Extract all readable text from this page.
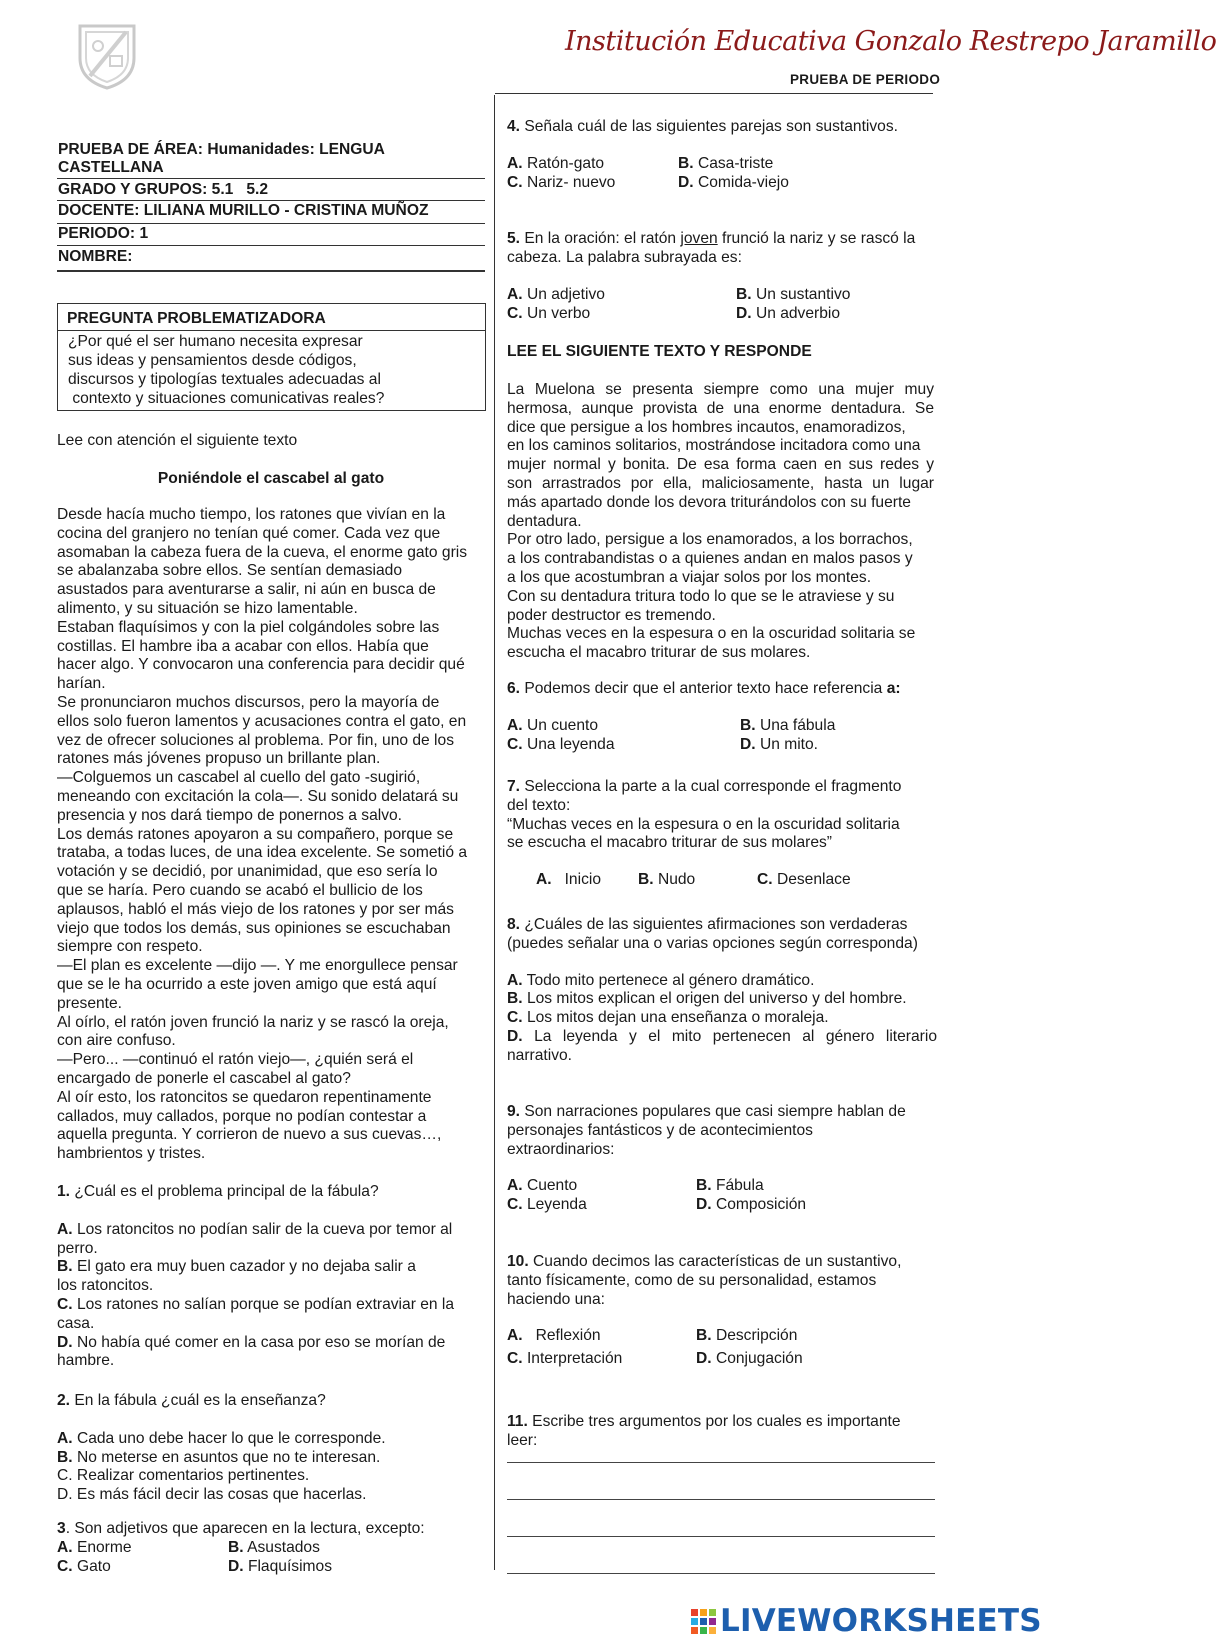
Institución Educativa Gonzalo Restrepo Jaramillo
PRUEBA DE PERIODO
PRUEBA DE ÁREA: Humanidades: LENGUA
CASTELLANA
GRADO Y GRUPOS: 5.1   5.2
DOCENTE: LILIANA MURILLO - CRISTINA MUÑOZ
PERIODO: 1
NOMBRE:
PREGUNTA PROBLEMATIZADORA
¿Por qué el ser humano necesita expresar
sus ideas y pensamientos desde códigos,
discursos y tipologías textuales adecuadas al
contexto y situaciones comunicativas reales?
Lee con atención el siguiente texto
Poniéndole el cascabel al gato
Desde hacía mucho tiempo, los ratones que vivían en la
cocina del granjero no tenían qué comer. Cada vez que
asomaban la cabeza fuera de la cueva, el enorme gato gris
se abalanzaba sobre ellos. Se sentían demasiado
asustados para aventurarse a salir, ni aún en busca de
alimento, y su situación se hizo lamentable.
Estaban flaquísimos y con la piel colgándoles sobre las
costillas. El hambre iba a acabar con ellos. Había que
hacer algo. Y convocaron una conferencia para decidir qué
harían.
Se pronunciaron muchos discursos, pero la mayoría de
ellos solo fueron lamentos y acusaciones contra el gato, en
vez de ofrecer soluciones al problema. Por fin, uno de los
ratones más jóvenes propuso un brillante plan.
—Colguemos un cascabel al cuello del gato -sugirió,
meneando con excitación la cola—. Su sonido delatará su
presencia y nos dará tiempo de ponernos a salvo.
Los demás ratones apoyaron a su compañero, porque se
trataba, a todas luces, de una idea excelente. Se sometió a
votación y se decidió, por unanimidad, que eso sería lo
que se haría. Pero cuando se acabó el bullicio de los
aplausos, habló el más viejo de los ratones y por ser más
viejo que todos los demás, sus opiniones se escuchaban
siempre con respeto.
—El plan es excelente —dijo —. Y me enorgullece pensar
que se le ha ocurrido a este joven amigo que está aquí
presente.
Al oírlo, el ratón joven frunció la nariz y se rascó la oreja,
con aire confuso.
—Pero... —continuó el ratón viejo—, ¿quién será el
encargado de ponerle el cascabel al gato?
Al oír esto, los ratoncitos se quedaron repentinamente
callados, muy callados, porque no podían contestar a
aquella pregunta. Y corrieron de nuevo a sus cuevas…,
hambrientos y tristes.
1. ¿Cuál es el problema principal de la fábula?
A. Los ratoncitos no podían salir de la cueva por temor al
perro.
B. El gato era muy buen cazador y no dejaba salir a
los ratoncitos.
C. Los ratones no salían porque se podían extraviar en la
casa.
D. No había qué comer en la casa por eso se morían de
hambre.
2. En la fábula ¿cuál es la enseñanza?
A. Cada uno debe hacer lo que le corresponde.
B. No meterse en asuntos que no te interesan.
C. Realizar comentarios pertinentes.
D. Es más fácil decir las cosas que hacerlas.
3. Son adjetivos que aparecen en la lectura, excepto:
A. Enorme	B. Asustados
C. Gato	D. Flaquísimos
4. Señala cuál de las siguientes parejas son sustantivos.
A. Ratón-gato	B. Casa-triste
C. Nariz- nuevo	D. Comida-viejo
5. En la oración: el ratón joven frunció la nariz y se rascó la
cabeza. La palabra subrayada es:
A. Un adjetivo	B. Un sustantivo
C. Un verbo	D. Un adverbio
LEE EL SIGUIENTE TEXTO Y RESPONDE
La Muelona se presenta siempre como una mujer muy
hermosa, aunque provista de una enorme dentadura. Se
dice que persigue a los hombres incautos, enamoradizos,
en los caminos solitarios, mostrándose incitadora como una
mujer normal y bonita. De esa forma caen en sus redes y
son arrastrados por ella, maliciosamente, hasta un lugar
más apartado donde los devora triturándolos con su fuerte
dentadura.
Por otro lado, persigue a los enamorados, a los borrachos,
a los contrabandistas o a quienes andan en malos pasos y
a los que acostumbran a viajar solos por los montes.
Con su dentadura tritura todo lo que se le atraviese y su
poder destructor es tremendo.
Muchas veces en la espesura o en la oscuridad solitaria se
escucha el macabro triturar de sus molares.
6. Podemos decir que el anterior texto hace referencia a:
A. Un cuento	B. Una fábula
C. Una leyenda	D. Un mito.
7. Selecciona la parte a la cual corresponde el fragmento
del texto:
“Muchas veces en la espesura o en la oscuridad solitaria
se escucha el macabro triturar de sus molares”
A. Inicio B. Nudo	C. Desenlace
8. ¿Cuáles de las siguientes afirmaciones son verdaderas
(puedes señalar una o varias opciones según corresponda)
A. Todo mito pertenece al género dramático.
B. Los mitos explican el origen del universo y del hombre.
C. Los mitos dejan una enseñanza o moraleja.
D. La leyenda y el mito pertenecen al género literario
narrativo.
9. Son narraciones populares que casi siempre hablan de
personajes fantásticos y de acontecimientos
extraordinarios:
A. Cuento	B. Fábula
C. Leyenda	D. Composición
10. Cuando decimos las características de un sustantivo,
tanto físicamente, como de su personalidad, estamos
haciendo una:
A. Reflexión	B. Descripción
C. Interpretación	D. Conjugación
11. Escribe tres argumentos por los cuales es importante
leer:
LIVEWORKSHEETS
